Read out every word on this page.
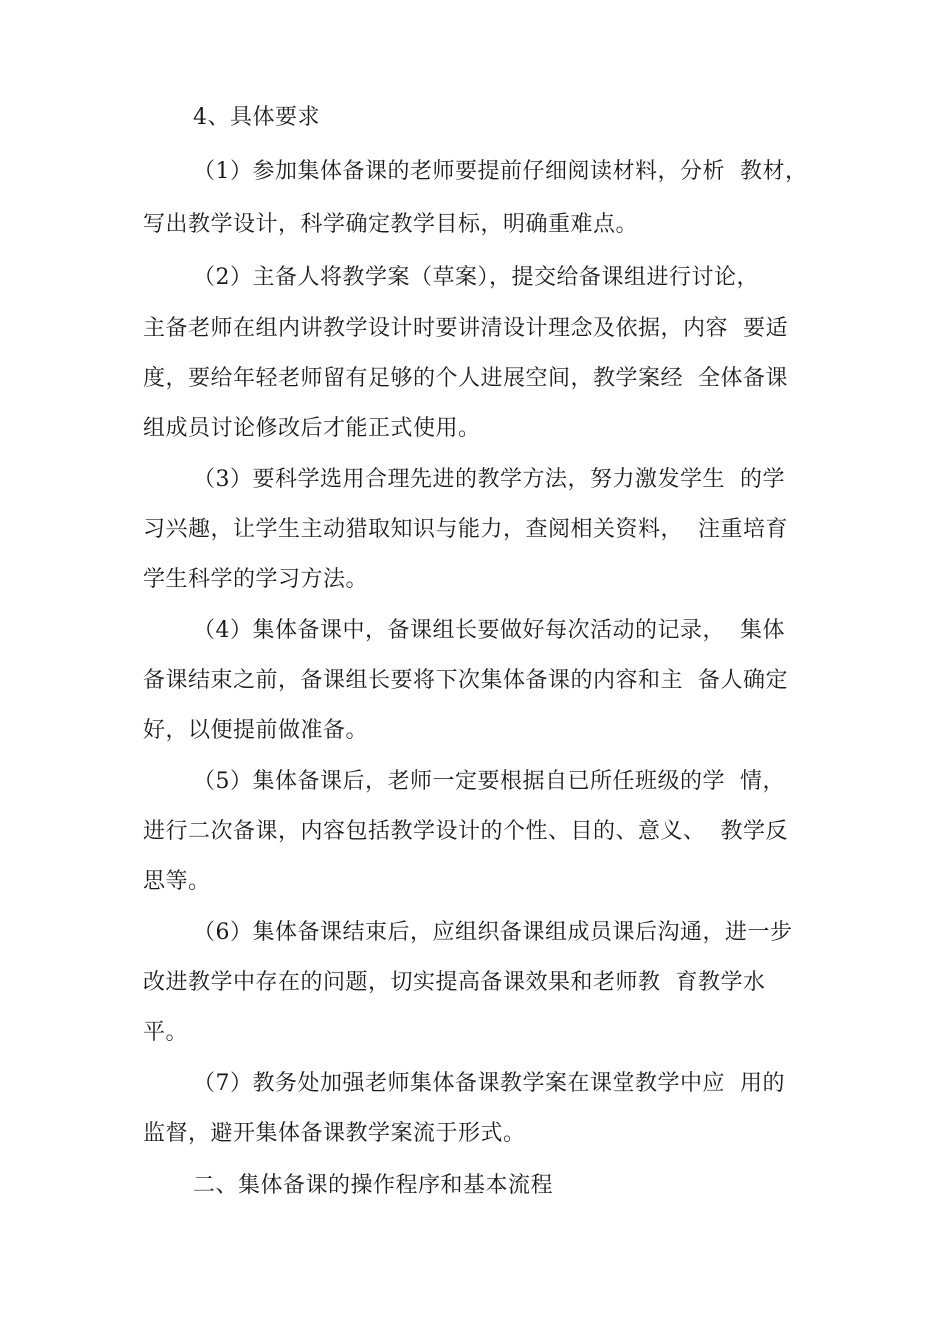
4、具体要求
（1）参加集体备课的老师要提前仔细阅读材料，分析  教材，
写出教学设计，科学确定教学目标，明确重难点。
（2）主备人将教学案（草案），提交给备课组进行讨论，
主备老师在组内讲教学设计时要讲清设计理念及依据，内容  要适
度，要给年轻老师留有足够的个人进展空间，教学案经  全体备课
组成员讨论修改后才能正式使用。
（3）要科学选用合理先进的教学方法，努力激发学生  的学
习兴趣，让学生主动猎取知识与能力，查阅相关资料，  注重培育
学生科学的学习方法。
（4）集体备课中，备课组长要做好每次活动的记录，  集体
备课结束之前，备课组长要将下次集体备课的内容和主  备人确定
好，以便提前做准备。
（5）集体备课后，老师一定要根据自已所任班级的学  情，
进行二次备课，内容包括教学设计的个性、目的、意义、  教学反
思等。
（6）集体备课结束后，应组织备课组成员课后沟通，进一步
改进教学中存在的问题，切实提高备课效果和老师教  育教学水
平。
（7）教务处加强老师集体备课教学案在课堂教学中应  用的
监督，避开集体备课教学案流于形式。
二、集体备课的操作程序和基本流程
